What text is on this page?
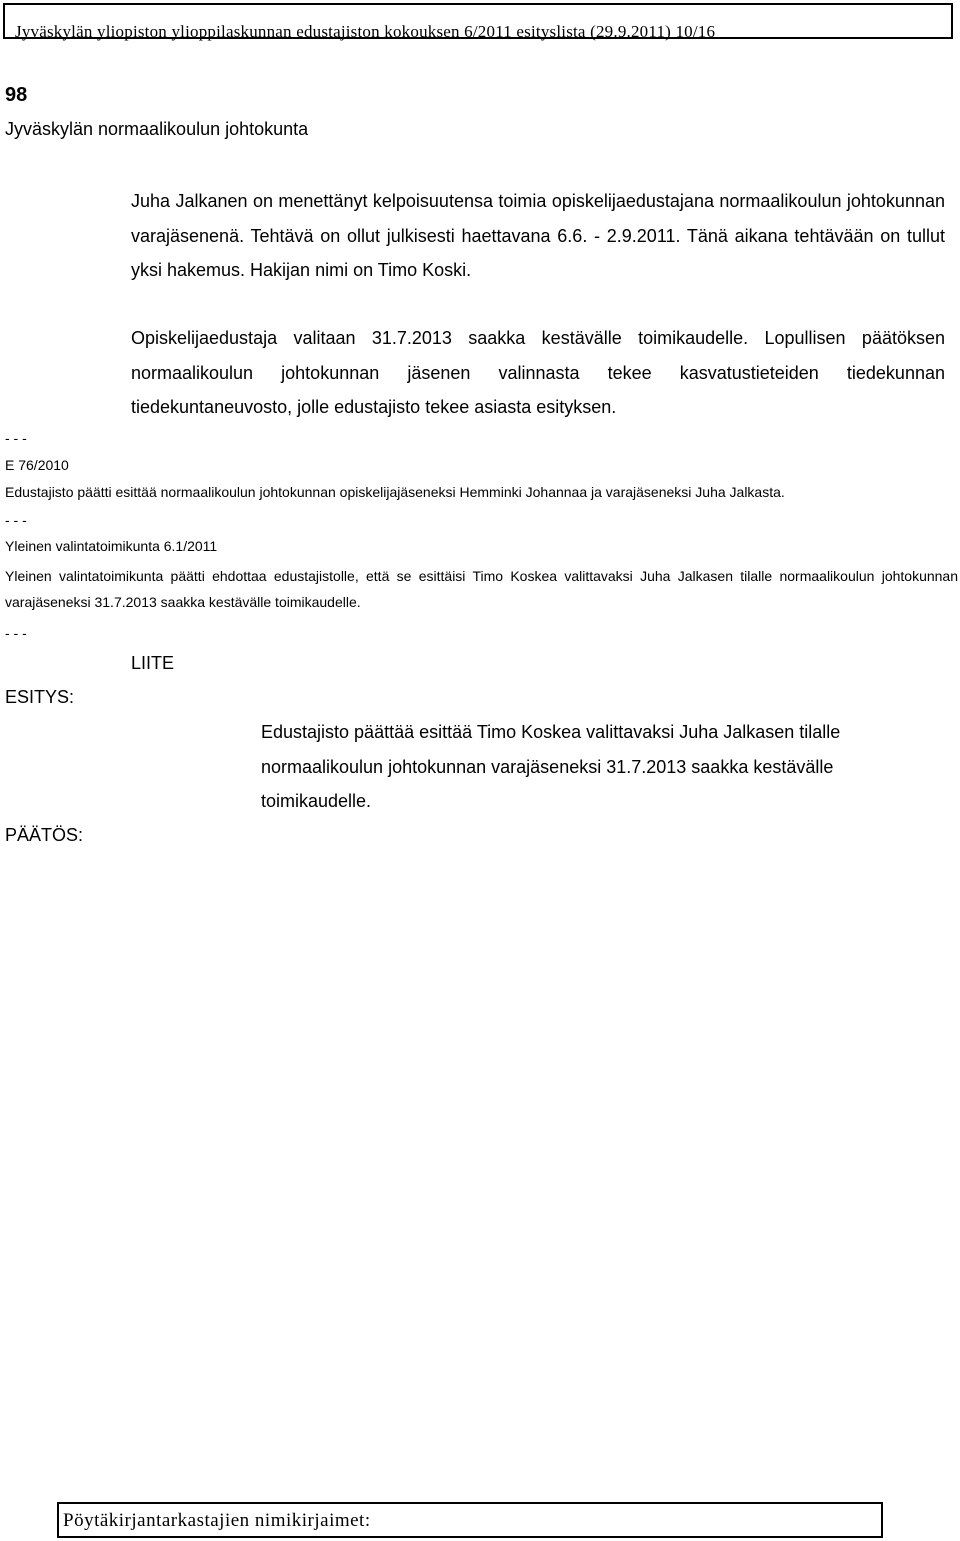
Jyväskylän yliopiston ylioppilaskunnan edustajiston kokouksen 6/2011 esityslista (29.9.2011) 10/16
98
Jyväskylän normaalikoulun johtokunta
Juha Jalkanen on menettänyt kelpoisuutensa toimia opiskelijaedustajana normaalikoulun johtokunnan varajäsenenä. Tehtävä on ollut julkisesti haettavana 6.6. - 2.9.2011. Tänä aikana tehtävään on tullut yksi hakemus. Hakijan nimi on Timo Koski.
Opiskelijaedustaja valitaan 31.7.2013 saakka kestävälle toimikaudelle. Lopullisen päätöksen normaalikoulun johtokunnan jäsenen valinnasta tekee kasvatustieteiden tiedekunnan tiedekuntaneuvosto, jolle edustajisto tekee asiasta esityksen.
- - -
E 76/2010
Edustajisto päätti esittää normaalikoulun johtokunnan opiskelijajäseneksi Hemminki Johannaa ja varajäseneksi Juha Jalkasta.
- - -
Yleinen valintatoimikunta 6.1/2011
Yleinen valintatoimikunta päätti ehdottaa edustajistolle, että se esittäisi Timo Koskea valittavaksi Juha Jalkasen tilalle normaalikoulun johtokunnan varajäseneksi 31.7.2013 saakka kestävälle toimikaudelle.
- - -
LIITE
ESITYS:
Edustajisto päättää esittää Timo Koskea valittavaksi Juha Jalkasen tilalle normaalikoulun johtokunnan varajäseneksi 31.7.2013 saakka kestävälle toimikaudelle.
PÄÄTÖS:
Pöytäkirjantarkastajien nimikirjaimet:
